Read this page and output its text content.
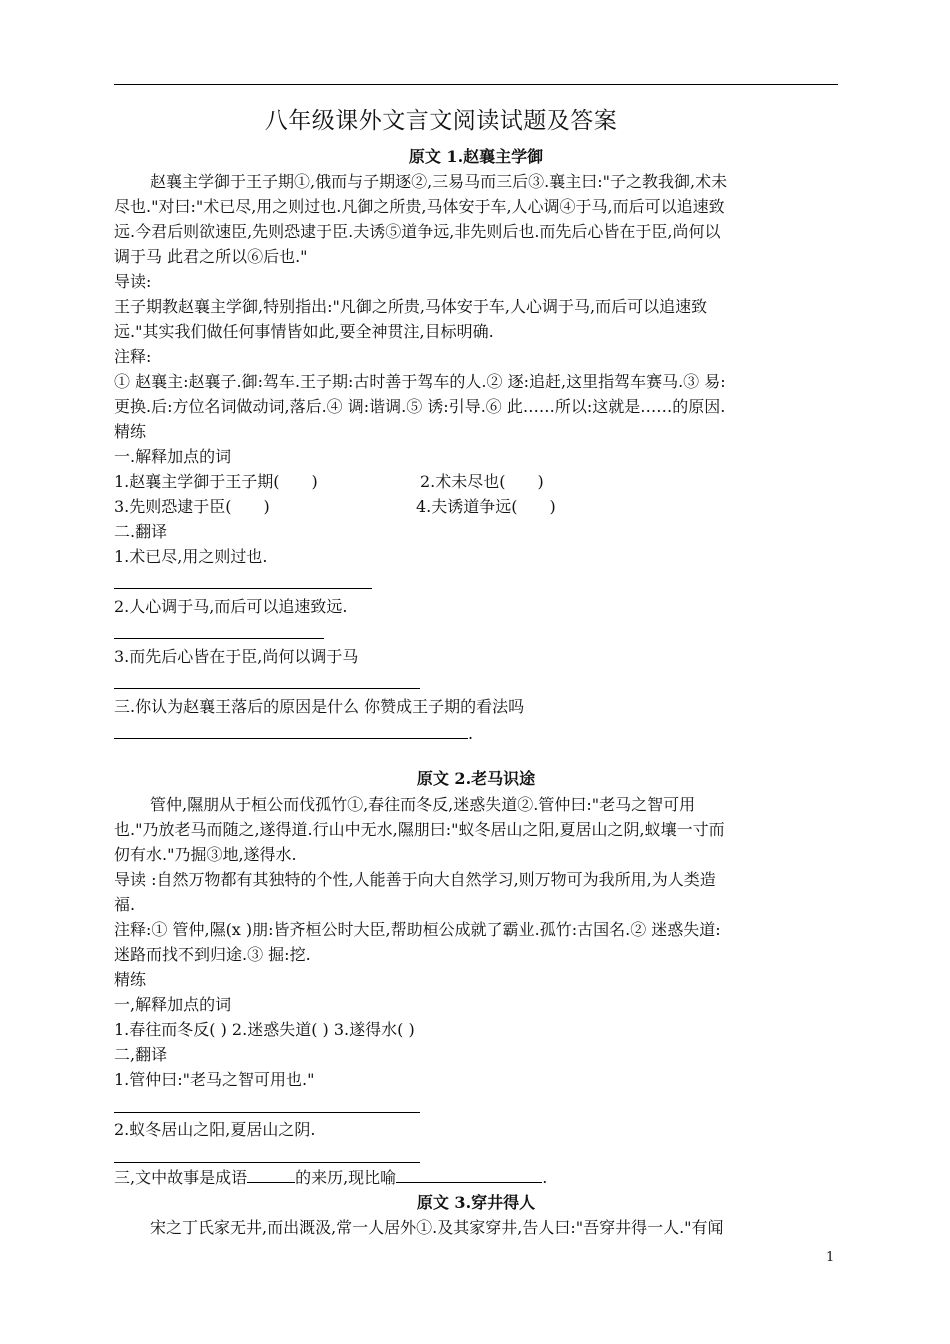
八年级课外文言文阅读试题及答案
原文 1.赵襄主学御
赵襄主学御于王子期①,俄而与子期逐②,三易马而三后③.襄主曰:"子之教我御,术未
尽也."对曰:"术已尽,用之则过也.凡御之所贵,马体安于车,人心调④于马,而后可以追速致
远.今君后则欲速臣,先则恐逮于臣.夫诱⑤道争远,非先则后也.而先后心皆在于臣,尚何以
调于马 此君之所以⑥后也."
导读:
王子期教赵襄主学御,特别指出:"凡御之所贵,马体安于车,人心调于马,而后可以追速致
远."其实我们做任何事情皆如此,要全神贯注,目标明确.
注释:
① 赵襄主:赵襄子.御:驾车.王子期:古时善于驾车的人.② 逐:追赶,这里指驾车赛马.③ 易:
更换.后:方位名词做动词,落后.④ 调:谐调.⑤ 诱:引导.⑥ 此……所以:这就是……的原因.
精练
一.解释加点的词
1.赵襄主学御于王子期(　　)	2.术未尽也(　　)
3.先则恐逮于臣(　　)	4.夫诱道争远(　　)
二.翻译
1.术已尽,用之则过也.
2.人心调于马,而后可以追速致远.
3.而先后心皆在于臣,尚何以调于马
三.你认为赵襄王落后的原因是什么 你赞成王子期的看法吗
.
原文 2.老马识途
管仲,隰朋从于桓公而伐孤竹①,春往而冬反,迷惑失道②.管仲曰:"老马之智可用
也."乃放老马而随之,遂得道.行山中无水,隰朋曰:"蚁冬居山之阳,夏居山之阴,蚁壤一寸而
仞有水."乃掘③地,遂得水.
导读 :自然万物都有其独特的个性,人能善于向大自然学习,则万物可为我所用,为人类造
福.
注释:① 管仲,隰(x )朋:皆齐桓公时大臣,帮助桓公成就了霸业.孤竹:古国名.② 迷惑失道:
迷路而找不到归途.③ 掘:挖.
精练
一,解释加点的词
1.春往而冬反( ) 2.迷惑失道( ) 3.遂得水( )
二,翻译
1.管仲曰:"老马之智可用也."
2.蚁冬居山之阳,夏居山之阴.
三,文中故事是成语	的来历,现比喻	.
原文 3.穿井得人
宋之丁氏家无井,而出溉汲,常一人居外①.及其家穿井,告人曰:"吾穿井得一人."有闻
1
